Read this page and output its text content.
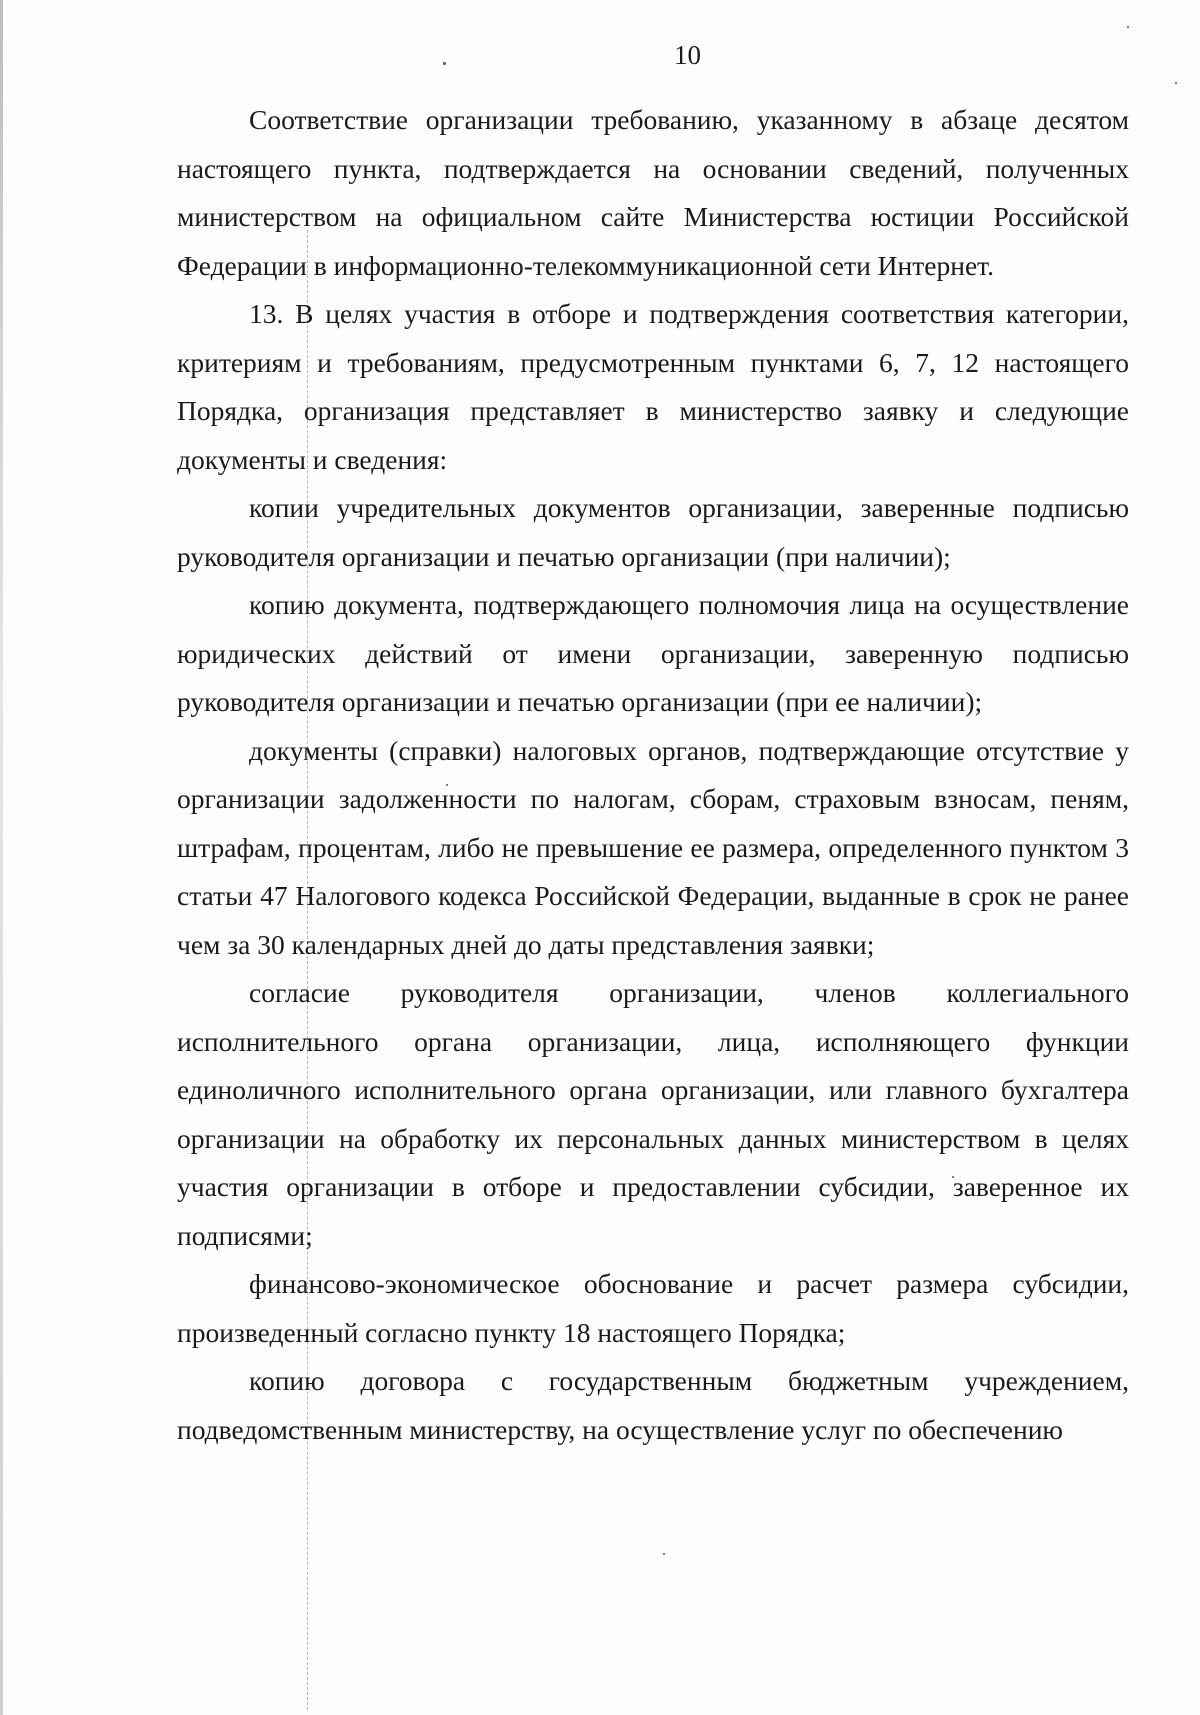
10

Соответствие организации требованию, указанному в абзаце десятом настоящего пункта, подтверждается на основании сведений, полученных министерством на официальном сайте Министерства юстиции Российской Федерации в информационно-телекоммуникационной сети Интернет.

13. В целях участия в отборе и подтверждения соответствия категории, критериям и требованиям, предусмотренным пунктами 6, 7, 12 настоящего Порядка, организация представляет в министерство заявку и следующие документы и сведения:

копии учредительных документов организации, заверенные подписью руководителя организации и печатью организации (при наличии);

копию документа, подтверждающего полномочия лица на осуществление юридических действий от имени организации, заверенную подписью руководителя организации и печатью организации (при ее наличии);

документы (справки) налоговых органов, подтверждающие отсутствие у организации задолженности по налогам, сборам, страховым взносам, пеням, штрафам, процентам, либо не превышение ее размера, определенного пунктом 3 статьи 47 Налогового кодекса Российской Федерации, выданные в срок не ранее чем за 30 календарных дней до даты представления заявки;

согласие руководителя организации, членов коллегиального исполнительного органа организации, лица, исполняющего функции единоличного исполнительного органа организации, или главного бухгалтера организации на обработку их персональных данных министерством в целях участия организации в отборе и предоставлении субсидии, заверенное их подписями;

финансово-экономическое обоснование и расчет размера субсидии, произведенный согласно пункту 18 настоящего Порядка;

копию договора с государственным бюджетным учреждением, подведомственным министерству, на осуществление услуг по обеспечению
